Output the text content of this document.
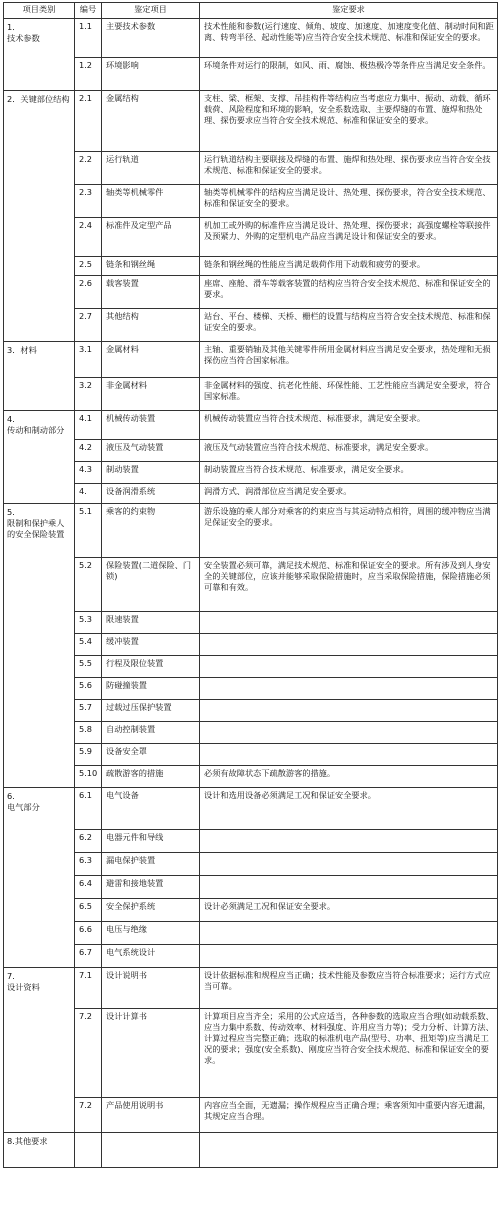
项目类别	编号	鉴定项目	鉴定要求
1．
技术参数	1.1	主要技术参数	技术性能和参数(运行速度、倾角、坡度、加速度、加速度变化值、制动时间和距离、转弯半径、起动性能等)应当符合安全技术规范、标准和保证安全的要求。
	1.2	环境影响	环境条件对运行的限制，如风、雨、腐蚀、极热极冷等条件应当满足安全条件。
2．关键部位结构	2.1	金属结构	支柱、梁、框架、支撑、吊挂构件等结构应当考虑应力集中、振动、动载、循环载荷、风险程度和环境的影响，安全系数选取、主要焊缝的布置、施焊和热处理、探伤要求应当符合安全技术规范、标准和保证安全的要求。
	2.2	运行轨道	运行轨道结构主要联接及焊缝的布置、施焊和热处理、探伤要求应当符合安全技术规范、标准和保证安全的要求。
	2.3	轴类等机械零件	轴类等机械零件的结构应当满足设计、热处理、探伤要求，符合安全技术规范、标准和保证安全的要求。
	2.4	标准件及定型产品	机加工或外购的标准件应当满足设计、热处理、探伤要求；高强度螺栓等联接件及预紧力、外购的定型机电产品应当满足设计和保证安全的要求。
	2.5	链条和钢丝绳	链条和钢丝绳的性能应当满足载荷作用下动载和疲劳的要求。
	2.6	载客装置	座席、座舱、滑车等载客装置的结构应当符合安全技术规范、标准和保证安全的要求。
	2.7	其他结构	站台、平台、楼梯、天桥、栅栏的设置与结构应当符合安全技术规范、标准和保证安全的要求。
3．材料	3.1	金属材料	主轴、重要销轴及其他关键零件所用金属材料应当满足安全要求，热处理和无损探伤应当符合国家标准。
	3.2	非金属材料	非金属材料的强度、抗老化性能、环保性能、工艺性能应当满足安全要求，符合国家标准。
4.
传动和制动部分	4.1	机械传动装置	机械传动装置应当符合技术规范、标准要求，满足安全要求。
	4.2	液压及气动装置	液压及气动装置应当符合技术规范、标准要求，满足安全要求。
	4.3	制动装置	制动装置应当符合技术规范、标准要求，满足安全要求。
	4.	设备润滑系统	润滑方式、润滑部位应当满足安全要求。
5.
限制和保护乘人的安全保险装置	5.1	乘客的约束物	游乐设施的乘人部分对乘客的约束应当与其运动特点相符，周围的缓冲物应当满足保证安全的要求。
	5.2	保险装置(二道保险、门锁)	安全装置必须可靠，满足技术规范、标准和保证安全的要求。所有涉及到人身安全的关键部位，应该并能够采取保险措施时，应当采取保险措施，保险措施必须可靠和有效。
	5.3	限速装置	
	5.4	缓冲装置	
	5.5	行程及限位装置	
	5.6	防碰撞装置	
	5.7	过载过压保护装置	
	5.8	自动控制装置	
	5.9	设备安全罩	
	5.10	疏散游客的措施	必须有故障状态下疏散游客的措施。
6.
电气部分	6.1	电气设备	设计和选用设备必须满足工况和保证安全要求。
	6.2	电器元件和导线	
	6.3	漏电保护装置	
	6.4	避雷和接地装置	
	6.5	安全保护系统	设计必须满足工况和保证安全要求。
	6.6	电压与绝缘	
	6.7	电气系统设计	
7.
设计资料	7.1	设计说明书	设计依据标准和规程应当正确；技术性能及参数应当符合标准要求；运行方式应当可靠。
	7.2	设计计算书	计算项目应当齐全；采用的公式应适当，各种参数的选取应当合理(如动载系数、应当力集中系数、传动效率、材料强度、许用应当力等)；受力分析、计算方法、计算过程应当完整正确；选取的标准机电产品(型号、功率、扭矩等)应当满足工况的要求；强度(安全系数)、刚度应当符合安全技术规范、标准和保证安全的要求。
	7.2	产品使用说明书	内容应当全面，无遗漏；操作规程应当正确合理；乘客须知中重要内容无遗漏，其规定应当合理。
8.其他要求			
